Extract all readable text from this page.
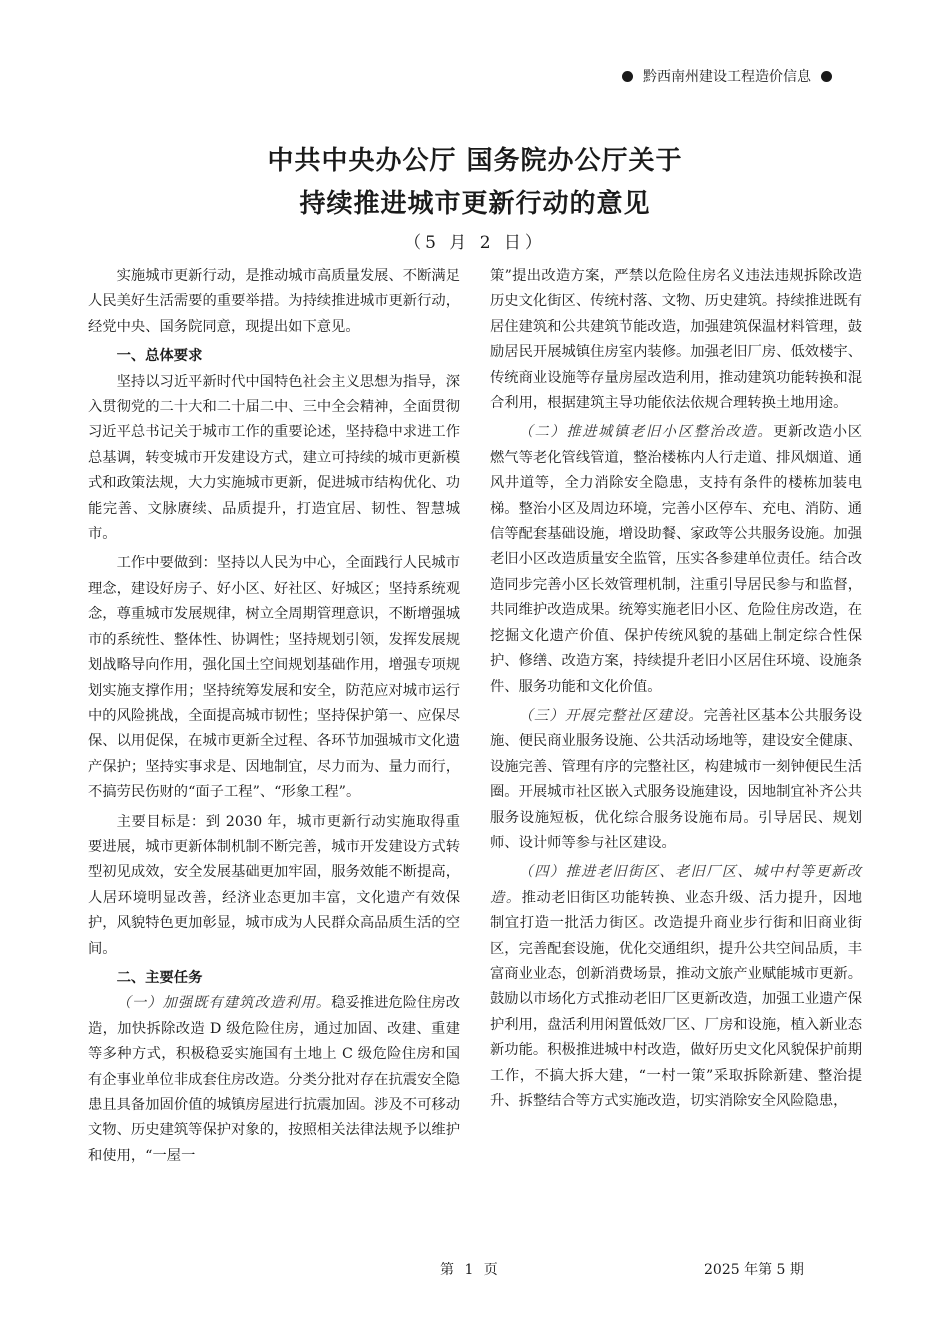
黔西南州建设工程造价信息
中共中央办公厅 国务院办公厅关于
持续推进城市更新行动的意见
（5 月 2 日）

实施城市更新行动，是推动城市高质量发展、不断满足人民美好生活需要的重要举措。为持续推进城市更新行动，经党中央、国务院同意，现提出如下意见。

一、总体要求

坚持以习近平新时代中国特色社会主义思想为指导，深入贯彻党的二十大和二十届二中、三中全会精神，全面贯彻习近平总书记关于城市工作的重要论述，坚持稳中求进工作总基调，转变城市开发建设方式，建立可持续的城市更新模式和政策法规，大力实施城市更新，促进城市结构优化、功能完善、文脉赓续、品质提升，打造宜居、韧性、智慧城市。

工作中要做到：坚持以人民为中心，全面践行人民城市理念，建设好房子、好小区、好社区、好城区；坚持系统观念，尊重城市发展规律，树立全周期管理意识，不断增强城市的系统性、整体性、协调性；坚持规划引领，发挥发展规划战略导向作用，强化国土空间规划基础作用，增强专项规划实施支撑作用；坚持统筹发展和安全，防范应对城市运行中的风险挑战，全面提高城市韧性；坚持保护第一、应保尽保、以用促保，在城市更新全过程、各环节加强城市文化遗产保护；坚持实事求是、因地制宜，尽力而为、量力而行，不搞劳民伤财的“面子工程”、“形象工程”。

主要目标是：到 2030 年，城市更新行动实施取得重要进展，城市更新体制机制不断完善，城市开发建设方式转型初见成效，安全发展基础更加牢固，服务效能不断提高，人居环境明显改善，经济业态更加丰富，文化遗产有效保护，风貌特色更加彰显，城市成为人民群众高品质生活的空间。

二、主要任务

（一）加强既有建筑改造利用。稳妥推进危险住房改造，加快拆除改造 D 级危险住房，通过加固、改建、重建等多种方式，积极稳妥实施国有土地上 C 级危险住房和国有企事业单位非成套住房改造。分类分批对存在抗震安全隐患且具备加固价值的城镇房屋进行抗震加固。涉及不可移动文物、历史建筑等保护对象的，按照相关法律法规予以维护和使用，“一屋一

策”提出改造方案，严禁以危险住房名义违法违规拆除改造历史文化街区、传统村落、文物、历史建筑。持续推进既有居住建筑和公共建筑节能改造，加强建筑保温材料管理，鼓励居民开展城镇住房室内装修。加强老旧厂房、低效楼宇、传统商业设施等存量房屋改造利用，推动建筑功能转换和混合利用，根据建筑主导功能依法依规合理转换土地用途。

（二）推进城镇老旧小区整治改造。更新改造小区燃气等老化管线管道，整治楼栋内人行走道、排风烟道、通风井道等，全力消除安全隐患，支持有条件的楼栋加装电梯。整治小区及周边环境，完善小区停车、充电、消防、通信等配套基础设施，增设助餐、家政等公共服务设施。加强老旧小区改造质量安全监管，压实各参建单位责任。结合改造同步完善小区长效管理机制，注重引导居民参与和监督，共同维护改造成果。统筹实施老旧小区、危险住房改造，在挖掘文化遗产价值、保护传统风貌的基础上制定综合性保护、修缮、改造方案，持续提升老旧小区居住环境、设施条件、服务功能和文化价值。

（三）开展完整社区建设。完善社区基本公共服务设施、便民商业服务设施、公共活动场地等，建设安全健康、设施完善、管理有序的完整社区，构建城市一刻钟便民生活圈。开展城市社区嵌入式服务设施建设，因地制宜补齐公共服务设施短板，优化综合服务设施布局。引导居民、规划师、设计师等参与社区建设。

（四）推进老旧街区、老旧厂区、城中村等更新改造。推动老旧街区功能转换、业态升级、活力提升，因地制宜打造一批活力街区。改造提升商业步行街和旧商业街区，完善配套设施，优化交通组织，提升公共空间品质，丰富商业业态，创新消费场景，推动文旅产业赋能城市更新。鼓励以市场化方式推动老旧厂区更新改造，加强工业遗产保护利用，盘活利用闲置低效厂区、厂房和设施，植入新业态新功能。积极推进城中村改造，做好历史文化风貌保护前期工作，不搞大拆大建，“一村一策”采取拆除新建、整治提升、拆整结合等方式实施改造，切实消除安全风险隐患，

第 1 页	2025 年第 5 期
